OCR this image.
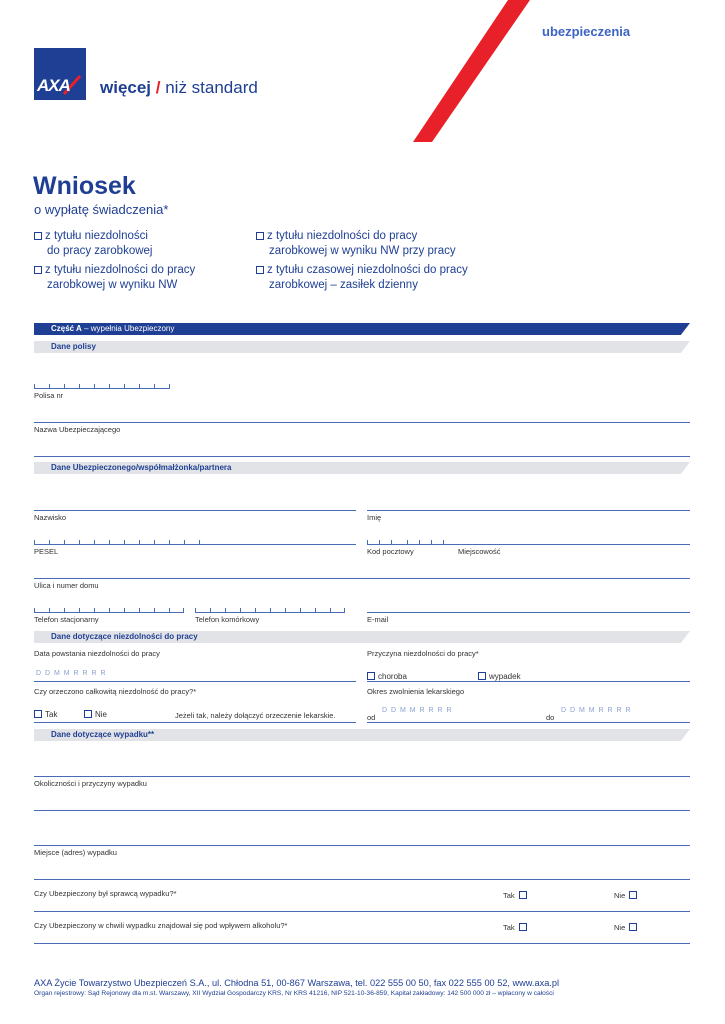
ubezpieczenia
AXA więcej / niż standard
Wniosek
o wypłatę świadczenia*
z tytułu niezdolności
do pracy zarobkowej
z tytułu niezdolności do pracy
zarobkowej w wyniku NW
z tytułu niezdolności do pracy
zarobkowej w wyniku NW przy pracy
z tytułu czasowej niezdolności do pracy
zarobkowej – zasiłek dzienny
Część A – wypełnia Ubezpieczony
Dane polisy
Polisa nr
Nazwa Ubezpieczającego
Dane Ubezpieczonego/współmałżonka/partnera
Nazwisko	Imię
PESEL	Kod pocztowy	Miejscowość
Ulica i numer domu
Telefon stacjonarny	Telefon komórkowy	E-mail
Dane dotyczące niezdolności do pracy
Data powstania niezdolności do pracy	Przyczyna niezdolności do pracy*
D D M M R R R R	choroba	wypadek
Czy orzeczono całkowitą niezdolność do pracy?*	Okres zwolnienia lekarskiego
Tak	Nie	Jeżeli tak, należy dołączyć orzeczenie lekarskie.	od
D D M M R R R R
do
D D M M R R R R
Dane dotyczące wypadku**
Okoliczności i przyczyny wypadku
Miejsce (adres) wypadku
Czy Ubezpieczony był sprawcą wypadku?*	Tak	Nie
Czy Ubezpieczony w chwili wypadku znajdował się pod wpływem alkoholu?*	Tak	Nie
AXA Życie Towarzystwo Ubezpieczeń S.A., ul. Chłodna 51, 00-867 Warszawa, tel. 022 555 00 50, fax 022 555 00 52, www.axa.pl
Organ rejestrowy: Sąd Rejonowy dla m.st. Warszawy, XII Wydział Gospodarczy KRS, Nr KRS 41216, NIP 521-10-36-859, Kapitał zakładowy: 142 500 000 zł – wpłacony w całości
